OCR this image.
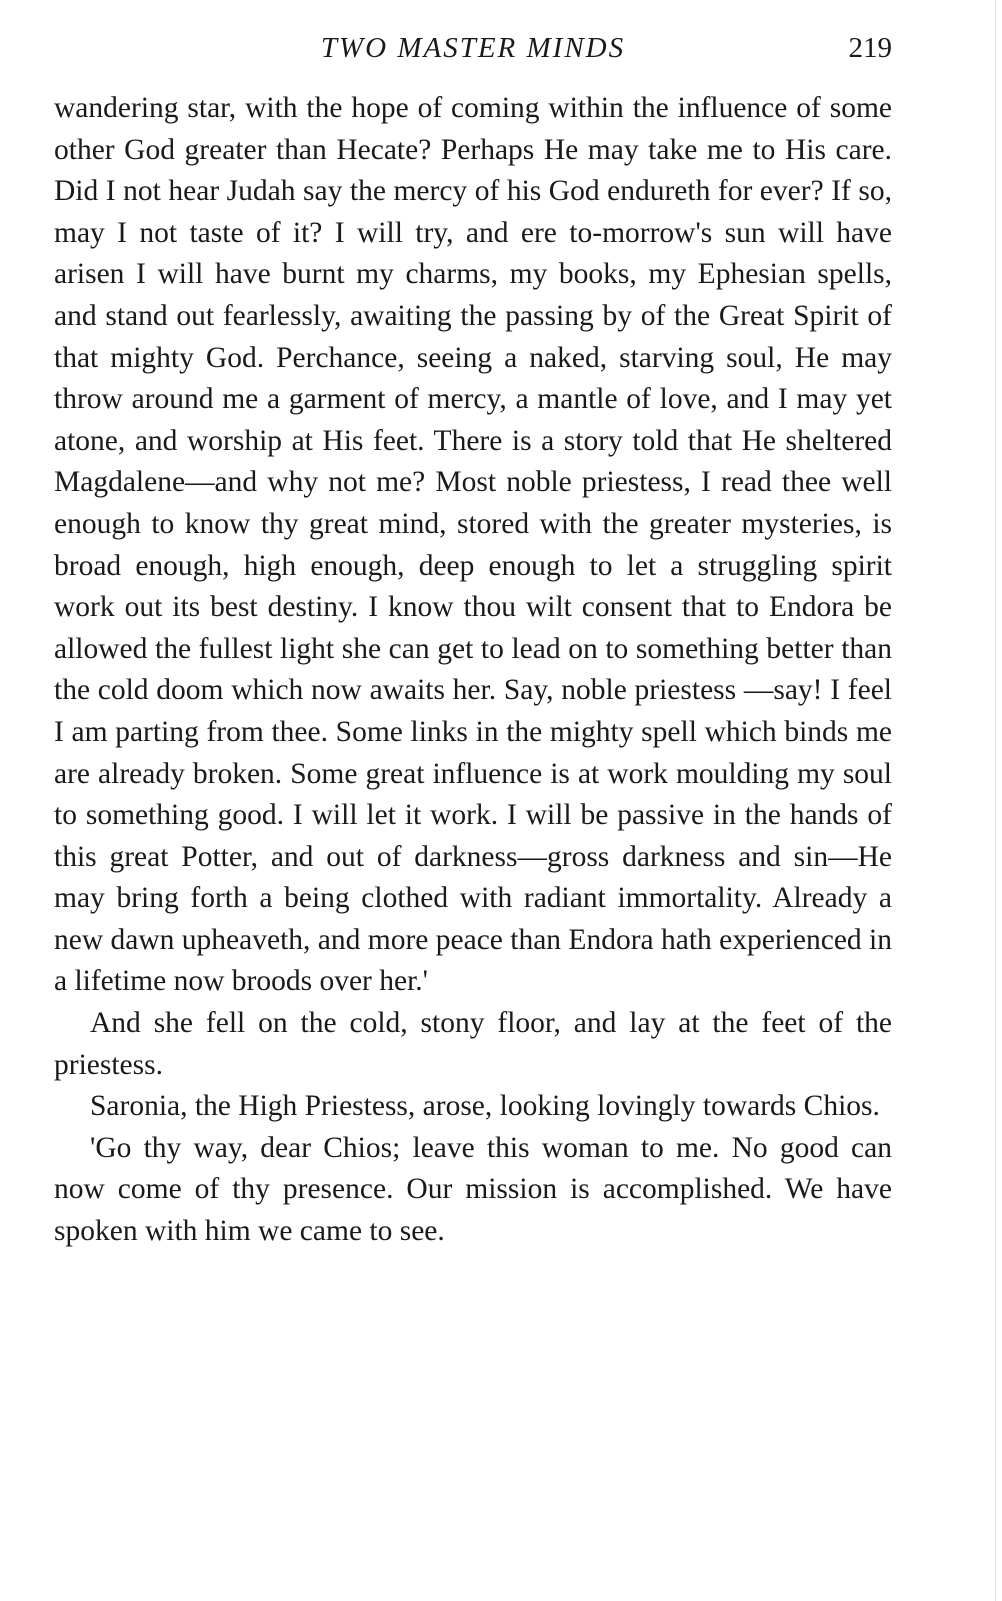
TWO MASTER MINDS	219

wandering star, with the hope of coming within the influence of some other God greater than Hecate? Perhaps He may take me to His care. Did I not hear Judah say the mercy of his God endureth for ever? If so, may I not taste of it? I will try, and ere to-morrow's sun will have arisen I will have burnt my charms, my books, my Ephesian spells, and stand out fearlessly, awaiting the passing by of the Great Spirit of that mighty God. Perchance, seeing a naked, starving soul, He may throw around me a garment of mercy, a mantle of love, and I may yet atone, and worship at His feet. There is a story told that He sheltered Magdalene—and why not me? Most noble priestess, I read thee well enough to know thy great mind, stored with the greater mysteries, is broad enough, high enough, deep enough to let a struggling spirit work out its best destiny. I know thou wilt consent that to Endora be allowed the fullest light she can get to lead on to something better than the cold doom which now awaits her. Say, noble priestess —say! I feel I am parting from thee. Some links in the mighty spell which binds me are already broken. Some great influence is at work moulding my soul to something good. I will let it work. I will be passive in the hands of this great Potter, and out of darkness—gross darkness and sin—He may bring forth a being clothed with radiant immortality. Already a new dawn upheaveth, and more peace than Endora hath experienced in a lifetime now broods over her.'

And she fell on the cold, stony floor, and lay at the feet of the priestess.

Saronia, the High Priestess, arose, looking lovingly towards Chios.

'Go thy way, dear Chios; leave this woman to me. No good can now come of thy presence. Our mission is accomplished. We have spoken with him we came to see.
